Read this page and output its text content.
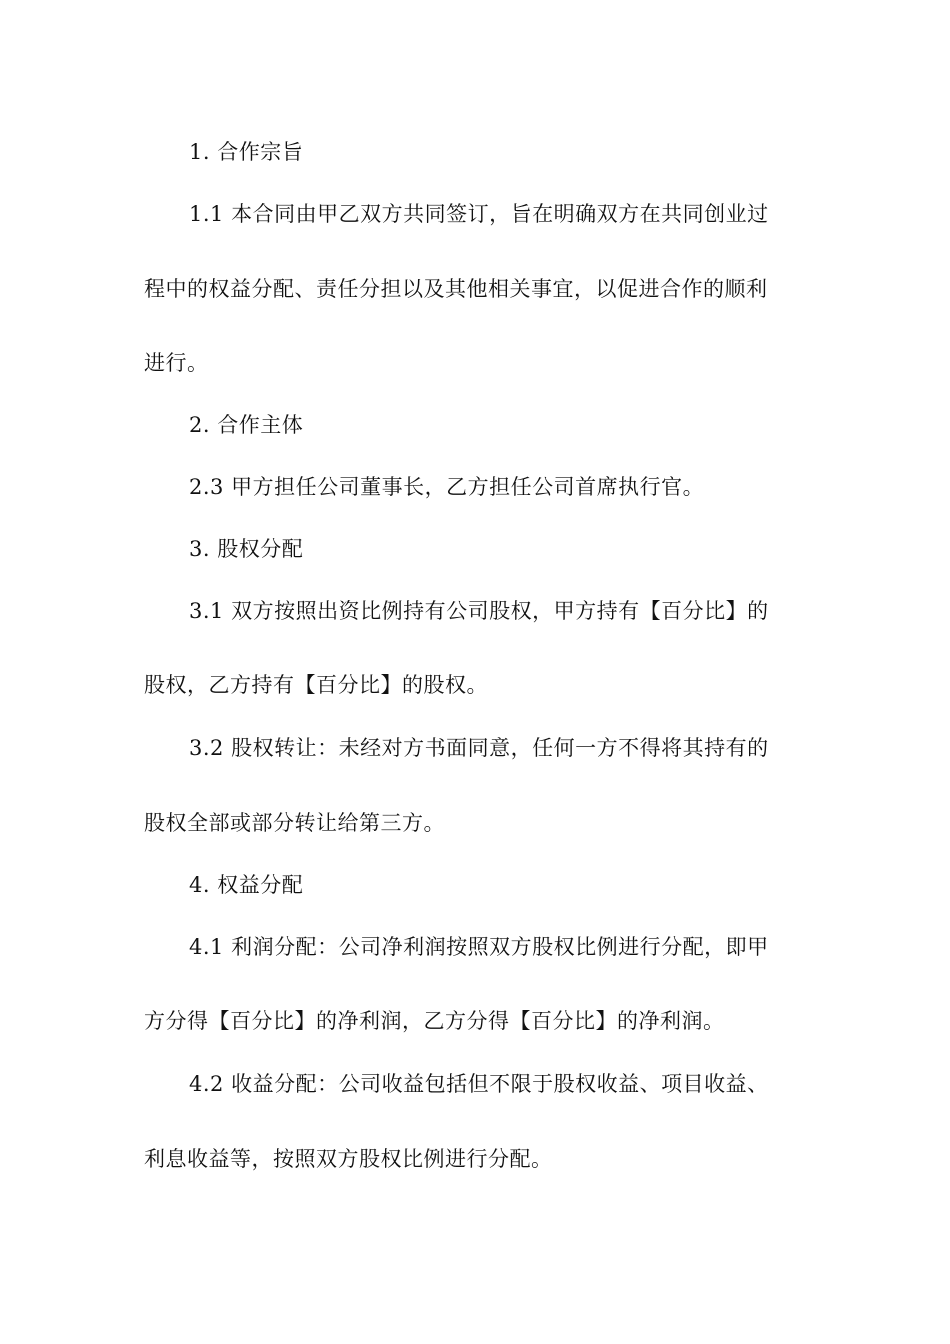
1. 合作宗旨
1.1 本合同由甲乙双方共同签订，旨在明确双方在共同创业过
程中的权益分配、责任分担以及其他相关事宜，以促进合作的顺利
进行。
2. 合作主体
2.3 甲方担任公司董事长，乙方担任公司首席执行官。
3. 股权分配
3.1 双方按照出资比例持有公司股权，甲方持有【百分比】的
股权，乙方持有【百分比】的股权。
3.2 股权转让：未经对方书面同意，任何一方不得将其持有的
股权全部或部分转让给第三方。
4. 权益分配
4.1 利润分配：公司净利润按照双方股权比例进行分配，即甲
方分得【百分比】的净利润，乙方分得【百分比】的净利润。
4.2 收益分配：公司收益包括但不限于股权收益、项目收益、
利息收益等，按照双方股权比例进行分配。
